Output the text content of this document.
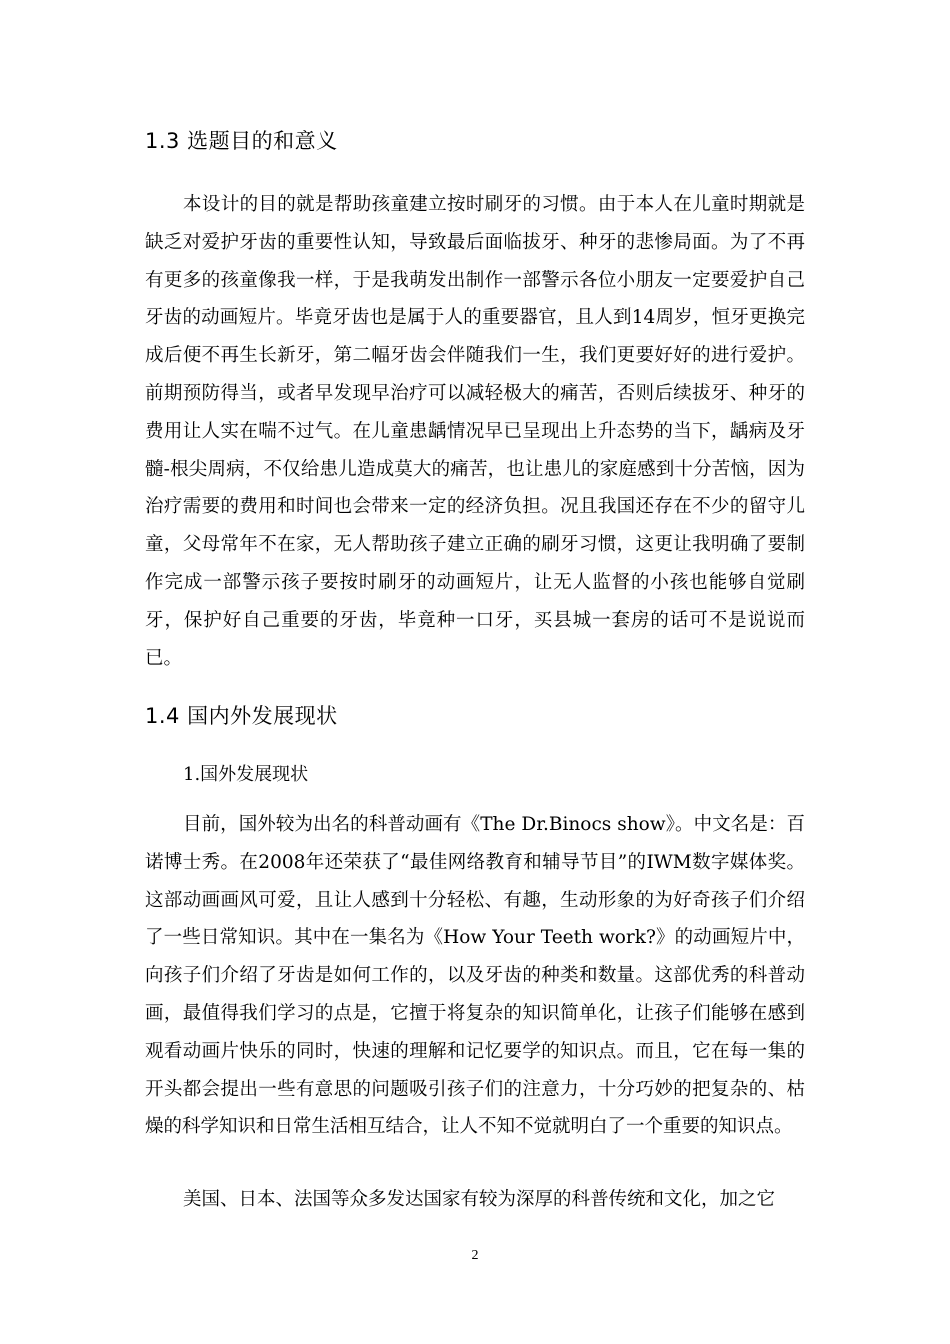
1.3 选题目的和意义

本设计的目的就是帮助孩童建立按时刷牙的习惯。由于本人在儿童时期就是缺乏对爱护牙齿的重要性认知，导致最后面临拔牙、种牙的悲惨局面。为了不再有更多的孩童像我一样，于是我萌发出制作一部警示各位小朋友一定要爱护自己牙齿的动画短片。毕竟牙齿也是属于人的重要器官，且人到14周岁，恒牙更换完成后便不再生长新牙，第二幅牙齿会伴随我们一生，我们更要好好的进行爱护。前期预防得当，或者早发现早治疗可以减轻极大的痛苦，否则后续拔牙、种牙的费用让人实在喘不过气。在儿童患龋情况早已呈现出上升态势的当下，龋病及牙髓-根尖周病，不仅给患儿造成莫大的痛苦，也让患儿的家庭感到十分苦恼，因为治疗需要的费用和时间也会带来一定的经济负担。况且我国还存在不少的留守儿童，父母常年不在家，无人帮助孩子建立正确的刷牙习惯，这更让我明确了要制作完成一部警示孩子要按时刷牙的动画短片，让无人监督的小孩也能够自觉刷牙，保护好自己重要的牙齿，毕竟种一口牙，买县城一套房的话可不是说说而已。

1.4 国内外发展现状
1.国外发展现状

目前，国外较为出名的科普动画有《The Dr.Binocs show》。中文名是：百诺博士秀。在2008年还荣获了“最佳网络教育和辅导节目”的IWM数字媒体奖。这部动画画风可爱，且让人感到十分轻松、有趣，生动形象的为好奇孩子们介绍了一些日常知识。其中在一集名为《How Your Teeth work?》的动画短片中，向孩子们介绍了牙齿是如何工作的，以及牙齿的种类和数量。这部优秀的科普动画，最值得我们学习的点是，它擅于将复杂的知识简单化，让孩子们能够在感到观看动画片快乐的同时，快速的理解和记忆要学的知识点。而且，它在每一集的开头都会提出一些有意思的问题吸引孩子们的注意力，十分巧妙的把复杂的、枯燥的科学知识和日常生活相互结合，让人不知不觉就明白了一个重要的知识点。

美国、日本、法国等众多发达国家有较为深厚的科普传统和文化，加之它

2
